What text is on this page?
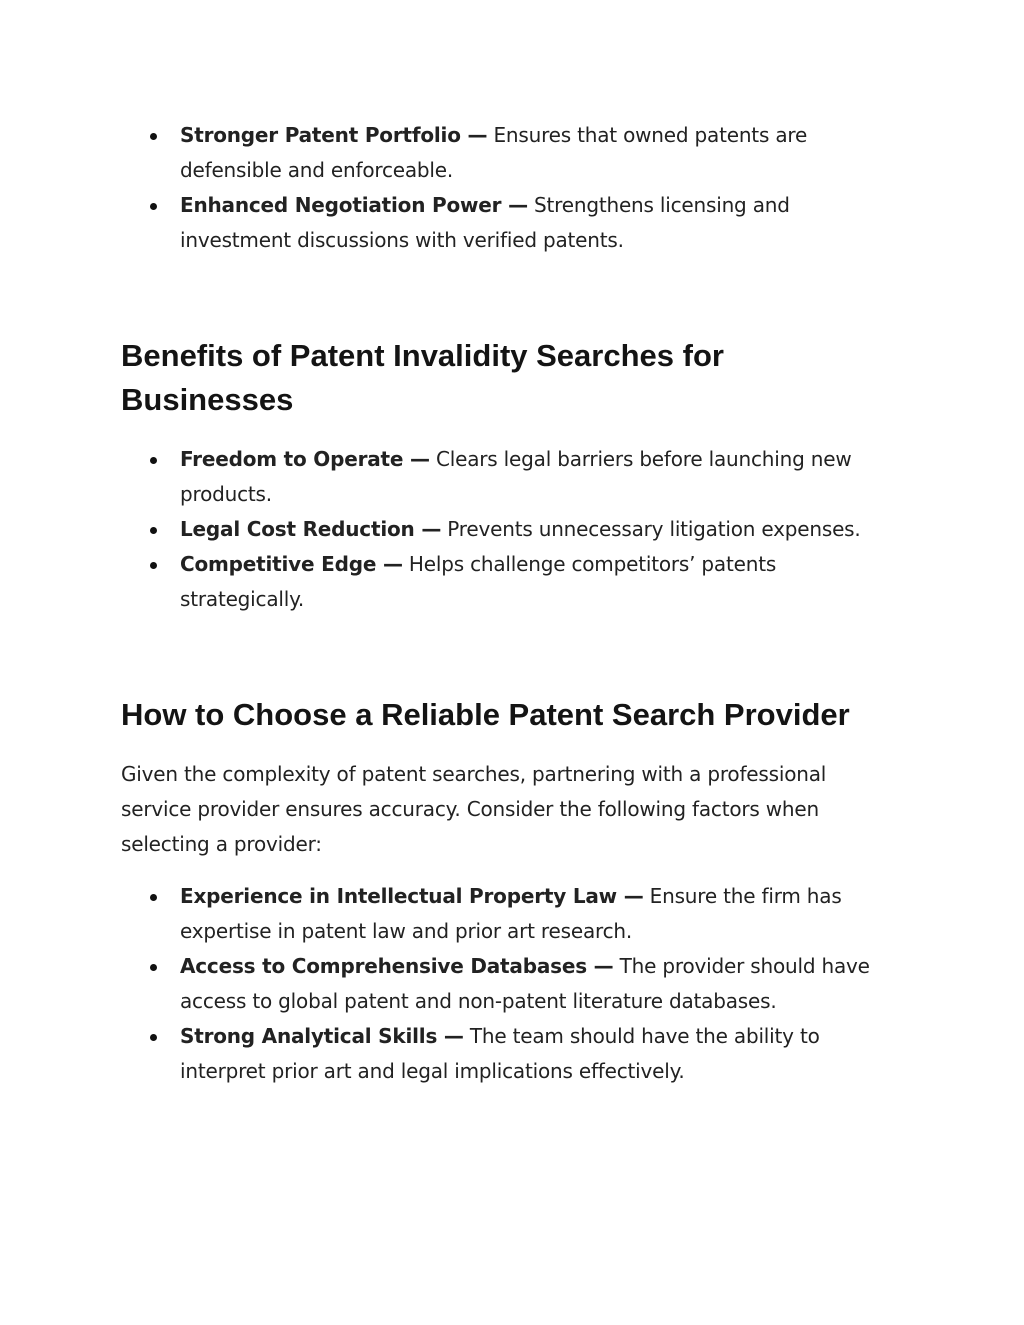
Stronger Patent Portfolio — Ensures that owned patents are defensible and enforceable.
Enhanced Negotiation Power — Strengthens licensing and investment discussions with verified patents.
Benefits of Patent Invalidity Searches for Businesses
Freedom to Operate — Clears legal barriers before launching new products.
Legal Cost Reduction — Prevents unnecessary litigation expenses.
Competitive Edge — Helps challenge competitors’ patents strategically.
How to Choose a Reliable Patent Search Provider

Given the complexity of patent searches, partnering with a professional service provider ensures accuracy. Consider the following factors when selecting a provider:

Experience in Intellectual Property Law — Ensure the firm has expertise in patent law and prior art research.
Access to Comprehensive Databases — The provider should have access to global patent and non-patent literature databases.
Strong Analytical Skills — The team should have the ability to interpret prior art and legal implications effectively.
